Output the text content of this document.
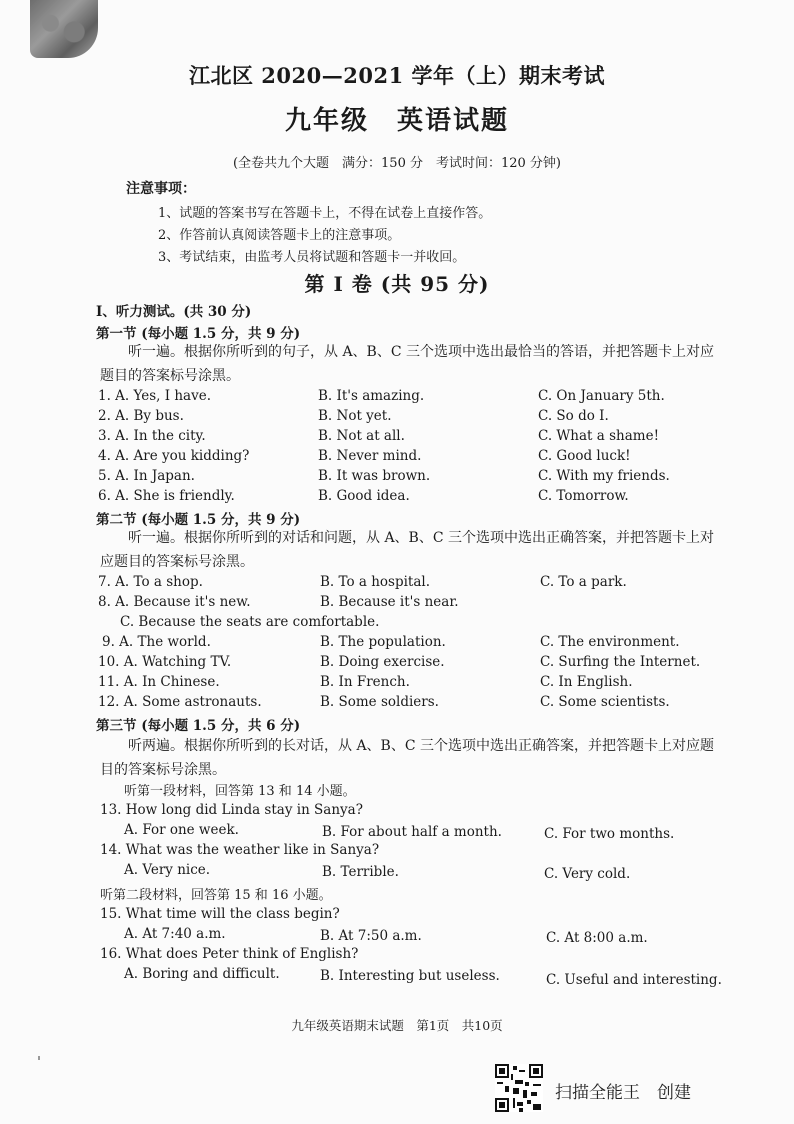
江北区 2020—2021 学年（上）期末考试
九年级　英语试题
(全卷共九个大题　满分：150 分　考试时间：120 分钟)
注意事项：
1、试题的答案书写在答题卡上，不得在试卷上直接作答。
2、作答前认真阅读答题卡上的注意事项。
3、考试结束，由监考人员将试题和答题卡一并收回。
第 I 卷 (共 95 分)
I、听力测试。(共 30 分)
第一节 (每小题 1.5 分，共 9 分)
听一遍。根据你所听到的句子，从 A、B、C 三个选项中选出最恰当的答语，并把答题卡上对应题目的答案标号涂黑。
1. A. Yes, I have.	B. It's amazing.	C. On January 5th.
2. A. By bus.	B. Not yet.	C. So do I.
3. A. In the city.	B. Not at all.	C. What a shame!
4. A. Are you kidding?	B. Never mind.	C. Good luck!
5. A. In Japan.	B. It was brown.	C. With my friends.
6. A. She is friendly.	B. Good idea.	C. Tomorrow.
第二节 (每小题 1.5 分，共 9 分)
听一遍。根据你所听到的对话和问题，从 A、B、C 三个选项中选出正确答案，并把答题卡上对应题目的答案标号涂黑。
7. A. To a shop.	B. To a hospital.	C. To a park.
8. A. Because it's new.	B. Because it's near.
C. Because the seats are comfortable.
9. A. The world.	B. The population.	C. The environment.
10. A. Watching TV.	B. Doing exercise.	C. Surfing the Internet.
11. A. In Chinese.	B. In French.	C. In English.
12. A. Some astronauts.	B. Some soldiers.	C. Some scientists.
第三节 (每小题 1.5 分，共 6 分)
听两遍。根据你所听到的长对话，从 A、B、C 三个选项中选出正确答案，并把答题卡上对应题目的答案标号涂黑。
听第一段材料，回答第 13 和 14 小题。
13. How long did Linda stay in Sanya?
A. For one week.	B. For about half a month.	C. For two months.
14. What was the weather like in Sanya?
A. Very nice.	B. Terrible.	C. Very cold.
听第二段材料，回答第 15 和 16 小题。
15. What time will the class begin?
A. At 7:40 a.m.	B. At 7:50 a.m.	C. At 8:00 a.m.
16. What does Peter think of English?
A. Boring and difficult.	B. Interesting but useless.	C. Useful and interesting.
九年级英语期末试题　第1页　共10页
扫描全能王　创建
